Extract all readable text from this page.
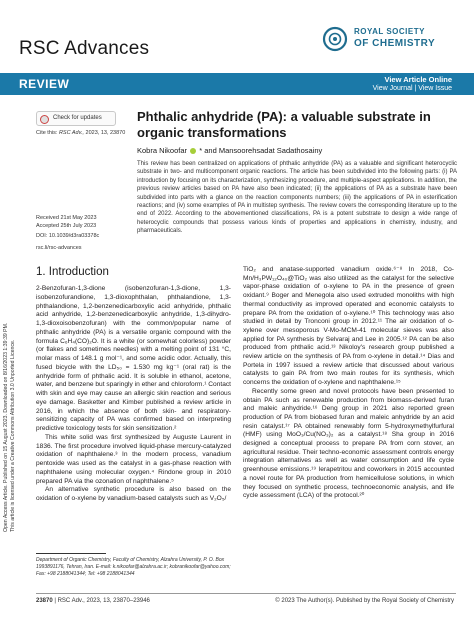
RSC Advances
ROYAL SOCIETY
OF CHEMISTRY
REVIEW	View Article Online
View Journal | View Issue
Open Access Article. Published on 15 August 2023. Downloaded on 8/16/2023 1:39:39 PM. This article is licensed under a Creative Commons Attribution 3.0 Unported Licence.
Check for updates
Cite this: RSC Adv., 2023, 13, 23870
Phthalic anhydride (PA): a valuable substrate in organic transformations
Kobra Nikoofar * and Mansoorehsadat Sadathosainy
This review has been centralized on applications of phthalic anhydride (PA) as a valuable and significant heterocyclic substrate in two- and multicomponent organic reactions. The article has been subdivided into the following parts: (i) PA introduction by focusing on its characterization, synthesizing procedure, and multiple-aspect applications. In addition, the previous review articles based on PA have also been indicated; (ii) the applications of PA as a substrate have been subdivided into parts with a glance on the reaction components numbers; (iii) the applications of PA in esterification reactions; and (iv) some examples of PA in multistep synthesis. The review covers the corresponding literature up to the end of 2022. According to the abovementioned classifications, PA is a potent substrate to design a wide range of heterocyclic compounds that possess various kinds of properties and applications in chemistry, industry, and pharmaceuticals.
Received 21st May 2023
Accepted 25th July 2023
DOI: 10.1039/d3ra03378c
rsc.li/rsc-advances
1. Introduction

2-Benzofuran-1,3-dione (isobenzofuran-1,3-dione, 1,3-isobenzofurandione, 1,3-dioxophthalan, phthalandione, 1,3-phthalandione, 1,2-benzenedicarboxylic acid anhydride, phthalic acid anhydride, 1,2-benzenedicarboxylic anhydride, 1,3-dihydro-1,3-dioxoisobenzofuran) with the common/popular name of phthalic anhydride (PA) is a versatile organic compound with the formula C₆H₄(CO)₂O. It is a white (or somewhat colorless) powder (or flakes and sometimes needles) with a melting point of 131 °C, molar mass of 148.1 g mol⁻¹, and some acidic odor. Actually, this fused bicycle with the LD₅₀ = 1.530 mg kg⁻¹ (oral rat) is the anhydride form of phthalic acid. It is soluble in ethanol, acetone, water, and benzene but sparingly in ether and chloroform.¹ Contact with skin and eye may cause an allergic skin reaction and serious eye damage. Basketter and Kimber published a review article in 2016, in which the absence of both skin- and respiratory-sensitizing capacity of PA was confirmed based on interpreting predictive toxicology tests for skin sensitization.²

This white solid was first synthesized by Auguste Laurent in 1836. The first procedure involved liquid-phase mercury-catalyzed oxidation of naphthalene.³ In the modern process, vanadium pentoxide was used as the catalyst in a gas-phase reaction with naphthalene using molecular oxygen.⁴ Rindone group in 2010 prepared PA via the ozonation of naphthalene.⁵

An alternative synthetic procedure is also based on the oxidation of o-xylene by vanadium-based catalysts such as V₂O₅/

TiO₂ and anatase-supported vanadium oxide.⁶⁻⁸ In 2018, Co-Mn/H₃PW₁₂O₄₀@TiO₂ was also utilized as the catalyst for the selective vapor-phase oxidation of o-xylene to PA in the presence of green oxidant.⁹ Boger and Menegola also used extruded monoliths with high thermal conductivity as improved operated and economic catalysts to prepare PA from the oxidation of o-xylene.¹⁰ This technology was also studied in detail by Tronconi group in 2012.¹¹ The air oxidation of o-xylene over mesoporous V-Mo-MCM-41 molecular sieves was also applied for PA synthesis by Selvaraj and Lee in 2005.¹² PA can be also produced from phthalic acid.¹³ Nikoloy's research group published a review article on the synthesis of PA from o-xylene in detail.¹⁴ Dias and Portela in 1997 issued a review article that discussed about various catalysts to gain PA from two main routes for its synthesis, which concerns the oxidation of o-xylene and naphthalene.¹⁵

Recently some green and novel protocols have been presented to obtain PA such as renewable production from biomass-derived furan and maleic anhydride.¹⁶ Deng group in 2021 also reported green production of PA from biobased furan and maleic anhydride by an acid resin catalyst.¹⁷ PA obtained renewably form 5-hydroxymethylfurfural (HMF) using MoO₃/Cu(NO₃)₂ as a catalyst.¹⁸ Sha group in 2016 designed a conceptual process to prepare PA from corn stover, an agricultural residue. Their techno-economic assessment controls energy integration alternatives as well as water consumption and life cycle greenhouse emissions.¹⁹ Ierapetritou and coworkers in 2015 accounted a novel route for PA production from hemicellulose solutions, in which they focused on synthetic process, technoeconomic analysis, and life cycle assessment (LCA) of the protocol.²⁰

Department of Organic Chemistry, Faculty of Chemistry, Alzahra University, P. O. Box 1993891176, Tehran, Iran. E-mail: k.nikoofar@alzahra.ac.ir; kobranikoofar@yahoo.com; Fax: +98 2188041344; Tel: +98 2188041344
23870 | RSC Adv., 2023, 13, 23870–23946	© 2023 The Author(s). Published by the Royal Society of Chemistry
